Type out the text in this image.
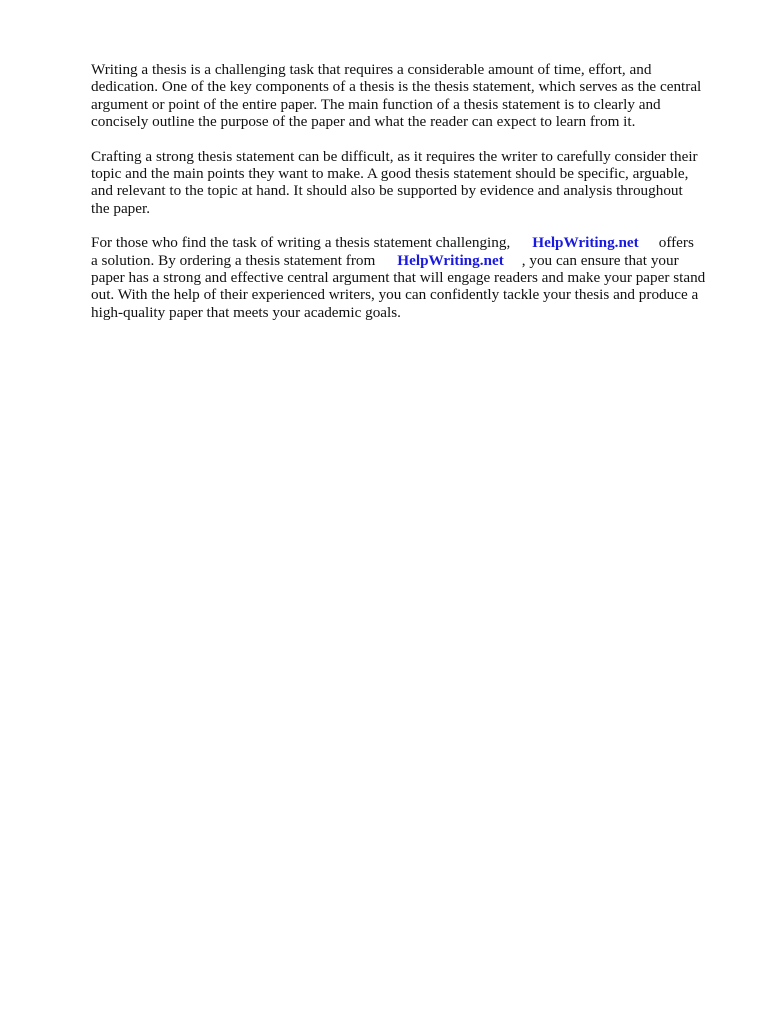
Writing a thesis is a challenging task that requires a considerable amount of time, effort, and
dedication. One of the key components of a thesis is the thesis statement, which serves as the central
argument or point of the entire paper. The main function of a thesis statement is to clearly and
concisely outline the purpose of the paper and what the reader can expect to learn from it.

Crafting a strong thesis statement can be difficult, as it requires the writer to carefully consider their
topic and the main points they want to make. A good thesis statement should be specific, arguable,
and relevant to the topic at hand. It should also be supported by evidence and analysis throughout
the paper.

For those who find the task of writing a thesis statement challenging, HelpWriting.net offers
a solution. By ordering a thesis statement from HelpWriting.net , you can ensure that your
paper has a strong and effective central argument that will engage readers and make your paper stand
out. With the help of their experienced writers, you can confidently tackle your thesis and produce a
high-quality paper that meets your academic goals.
